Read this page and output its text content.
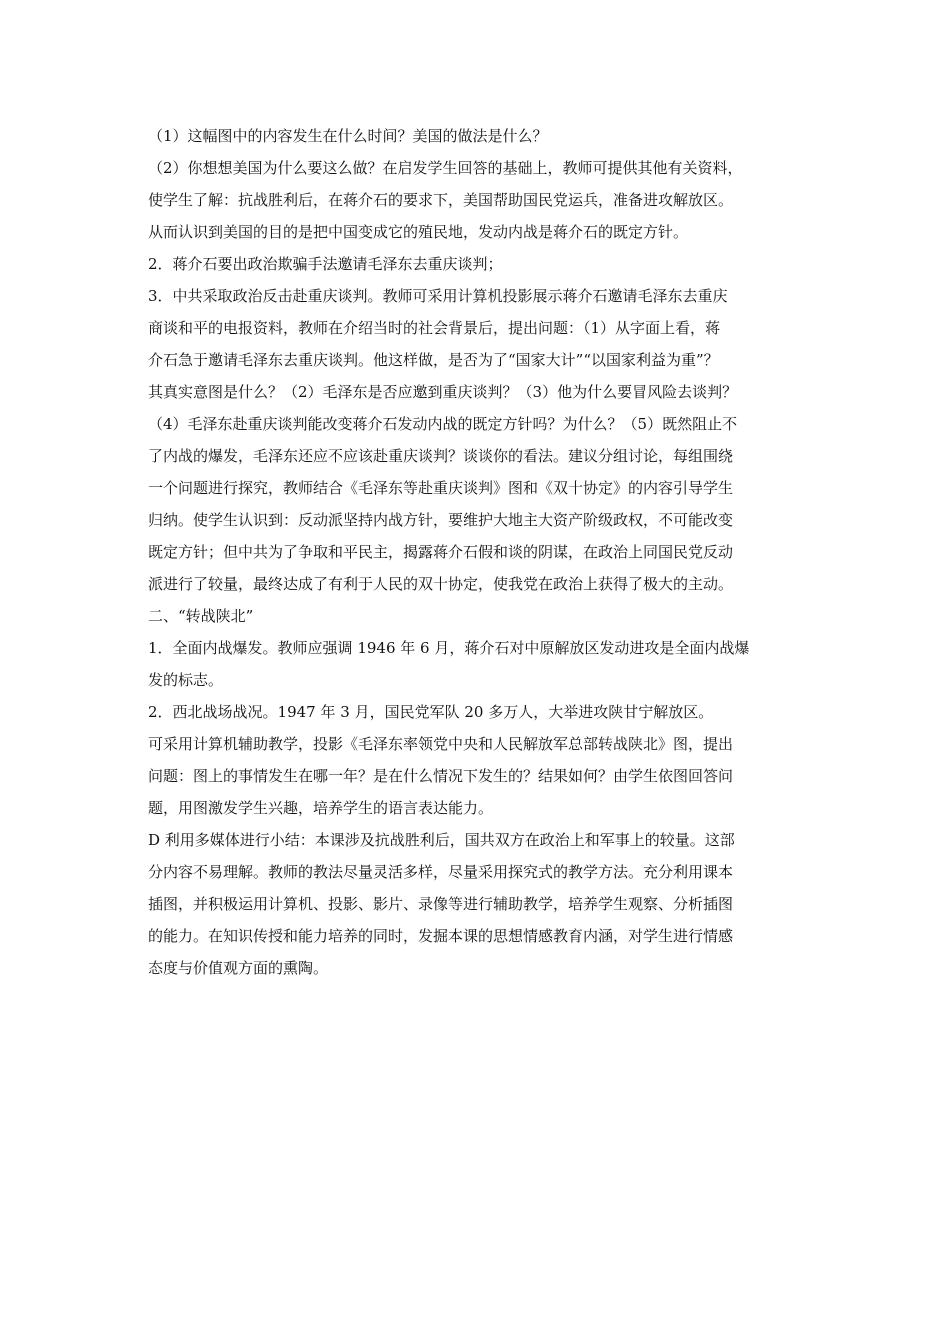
（1）这幅图中的内容发生在什么时间？美国的做法是什么？
（2）你想想美国为什么要这么做？在启发学生回答的基础上，教师可提供其他有关资料，
使学生了解：抗战胜利后，在蒋介石的要求下，美国帮助国民党运兵，准备进攻解放区。
从而认识到美国的目的是把中国变成它的殖民地，发动内战是蒋介石的既定方针。
2．蒋介石要出政治欺骗手法邀请毛泽东去重庆谈判；
3．中共采取政治反击赴重庆谈判。教师可采用计算机投影展示蒋介石邀请毛泽东去重庆
商谈和平的电报资料，教师在介绍当时的社会背景后，提出问题：（1）从字面上看，蒋
介石急于邀请毛泽东去重庆谈判。他这样做，是否为了“国家大计”“以国家利益为重”？
其真实意图是什么？（2）毛泽东是否应邀到重庆谈判？（3）他为什么要冒风险去谈判？
（4）毛泽东赴重庆谈判能改变蒋介石发动内战的既定方针吗？为什么？（5）既然阻止不
了内战的爆发，毛泽东还应不应该赴重庆谈判？谈谈你的看法。建议分组讨论，每组围绕
一个问题进行探究，教师结合《毛泽东等赴重庆谈判》图和《双十协定》的内容引导学生
归纳。使学生认识到：反动派坚持内战方针，要维护大地主大资产阶级政权，不可能改变
既定方针；但中共为了争取和平民主，揭露蒋介石假和谈的阴谋，在政治上同国民党反动
派进行了较量，最终达成了有利于人民的双十协定，使我党在政治上获得了极大的主动。
二、“转战陕北”
1．全面内战爆发。教师应强调 1946 年 6 月，蒋介石对中原解放区发动进攻是全面内战爆
发的标志。
2．西北战场战况。1947 年 3 月，国民党军队 20 多万人，大举进攻陕甘宁解放区。
可采用计算机辅助教学，投影《毛泽东率领党中央和人民解放军总部转战陕北》图，提出
问题：图上的事情发生在哪一年？是在什么情况下发生的？结果如何？由学生依图回答问
题，用图激发学生兴趣，培养学生的语言表达能力。
D 利用多媒体进行小结：本课涉及抗战胜利后，国共双方在政治上和军事上的较量。这部
分内容不易理解。教师的教法尽量灵活多样，尽量采用探究式的教学方法。充分利用课本
插图，并积极运用计算机、投影、影片、录像等进行辅助教学，培养学生观察、分析插图
的能力。在知识传授和能力培养的同时，发掘本课的思想情感教育内涵，对学生进行情感
态度与价值观方面的熏陶。
